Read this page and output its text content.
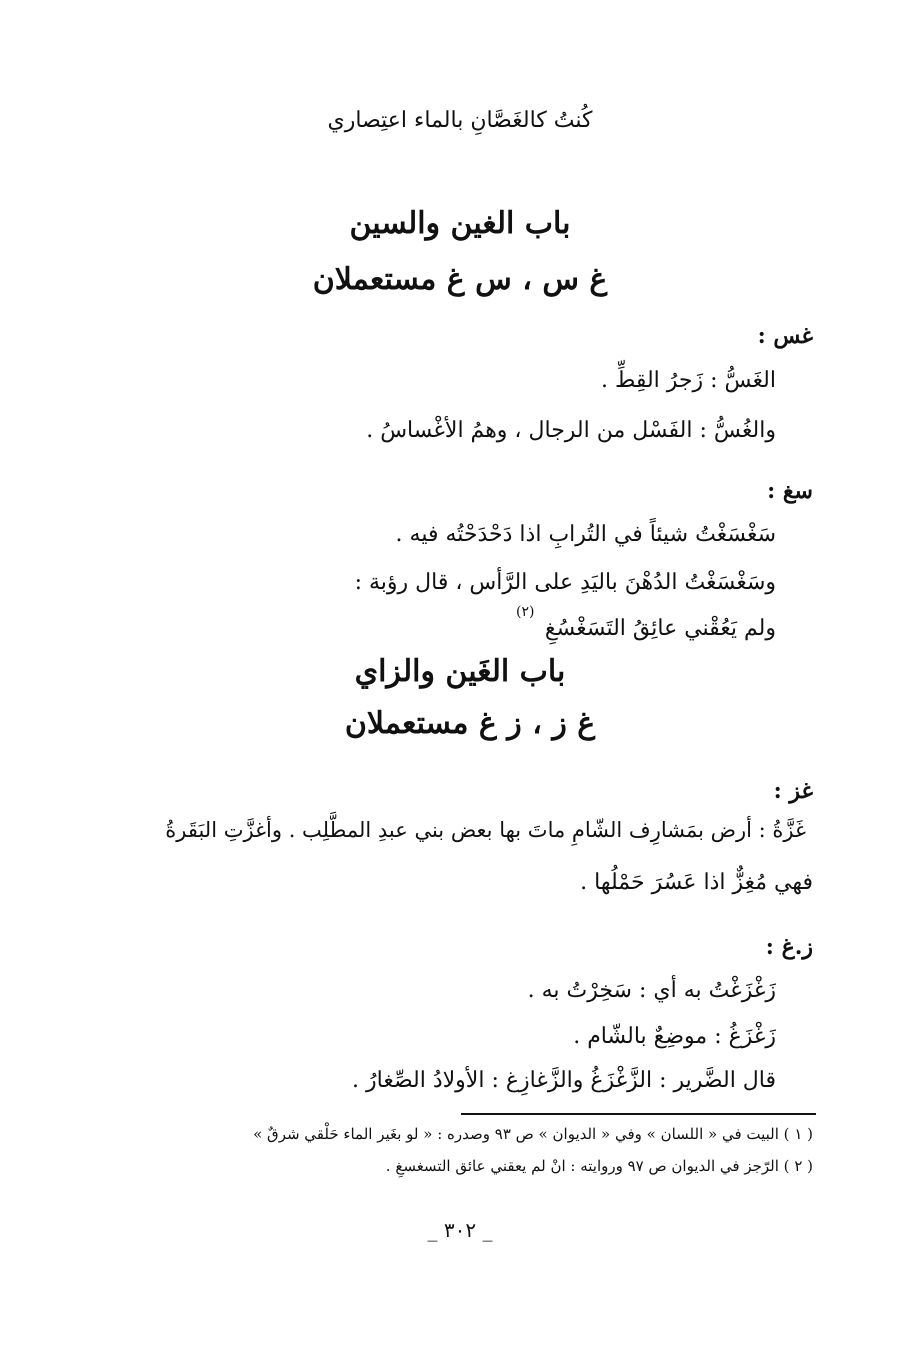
كُنتُ كالغَصَّانِ بالماء اعتِصاري
باب الغين والسين
غ س ، س غ مستعملان
غس :
الغَسُّ : زَجرُ القِطِّ .
والغُسُّ : الفَسْل من الرجال ، وهمُ الأغْساسُ .
سغ :
سَغْسَغْتُ شيئاً في التُرابِ اذا دَحْدَحْتُه فيه .
وسَغْسَغْتُ الدُهْنَ باليَدِ على الرَّأس ، قال رؤبة :
ولم يَعُقْني عائِقُ التَسَغْسُغِ
(٢)
باب الغَين والزاي
غ ز ، ز غ مستعملان
غز :
غَزَّةُ : أرض بمَشارِف الشّامِ ماتَ بها بعض بني عبدِ المطَّلِب . وأغزَّتِ البَقَرةُ
فهي مُغِزٌّ اذا عَسُرَ حَمْلُها .
ز.غ :
زَغْزَغْتُ به أي : سَخِرْتُ به .
زَغْزَغُ : موضِعٌ بالشّام .
قال الضَّرير : الزَّغْزَغُ والزَّغازِغ : الأولادُ الصِّغارُ .
( ١ ) البيت في « اللسان » وفي « الديوان » ص ٩٣ وصدره : « لو بغَير الماء حَلْقي شرقٌ »
( ٢ ) الرّجز في الديوان ص ٩٧ وروايته : انْ لم يعقني عائق التسغسغِ .
_ ٣٠٢ _
